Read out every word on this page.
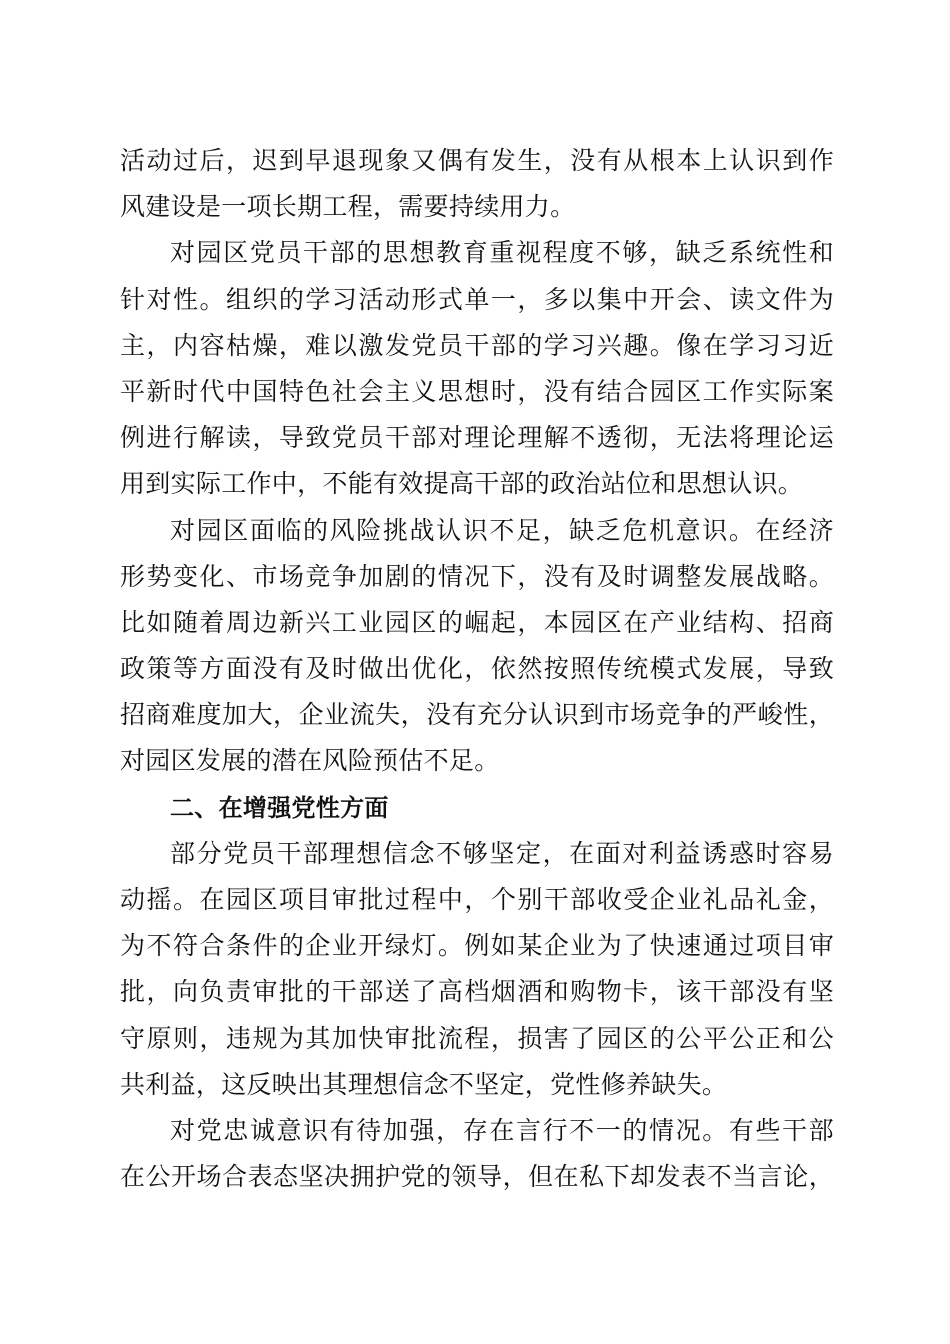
活动过后，迟到早退现象又偶有发生，没有从根本上认识到作
风建设是一项长期工程，需要持续用力。
对园区党员干部的思想教育重视程度不够，缺乏系统性和
针对性。组织的学习活动形式单一，多以集中开会、读文件为
主，内容枯燥，难以激发党员干部的学习兴趣。像在学习习近
平新时代中国特色社会主义思想时，没有结合园区工作实际案
例进行解读，导致党员干部对理论理解不透彻，无法将理论运
用到实际工作中，不能有效提高干部的政治站位和思想认识。
对园区面临的风险挑战认识不足，缺乏危机意识。在经济
形势变化、市场竞争加剧的情况下，没有及时调整发展战略。
比如随着周边新兴工业园区的崛起，本园区在产业结构、招商
政策等方面没有及时做出优化，依然按照传统模式发展，导致
招商难度加大，企业流失，没有充分认识到市场竞争的严峻性，
对园区发展的潜在风险预估不足。
二、在增强党性方面
部分党员干部理想信念不够坚定，在面对利益诱惑时容易
动摇。在园区项目审批过程中，个别干部收受企业礼品礼金，
为不符合条件的企业开绿灯。例如某企业为了快速通过项目审
批，向负责审批的干部送了高档烟酒和购物卡，该干部没有坚
守原则，违规为其加快审批流程，损害了园区的公平公正和公
共利益，这反映出其理想信念不坚定，党性修养缺失。
对党忠诚意识有待加强，存在言行不一的情况。有些干部
在公开场合表态坚决拥护党的领导，但在私下却发表不当言论，
